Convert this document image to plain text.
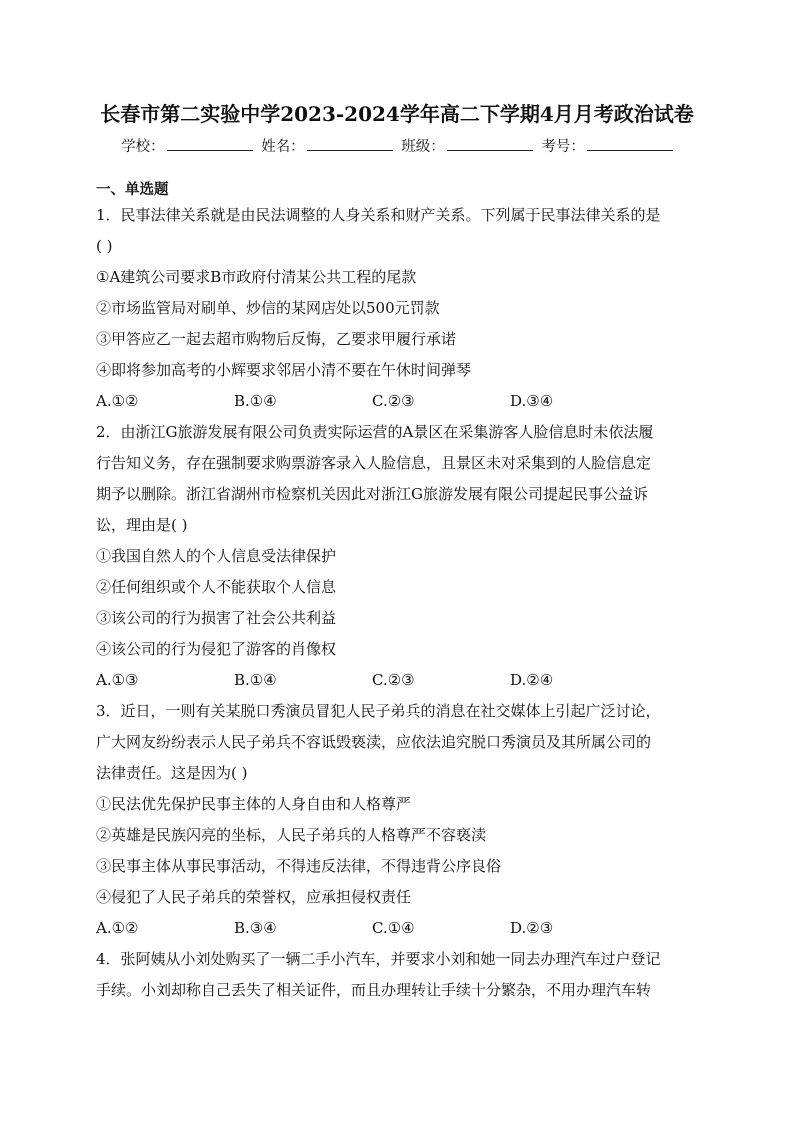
长春市第二实验中学2023-2024学年高二下学期4月月考政治试卷
学校：	姓名：	班级：	考号：
一、单选题
1．民事法律关系就是由民法调整的人身关系和财产关系。下列属于民事法律关系的是
( )
①A建筑公司要求B市政府付清某公共工程的尾款
②市场监管局对刷单、炒信的某网店处以500元罚款
③甲答应乙一起去超市购物后反悔，乙要求甲履行承诺
④即将参加高考的小辉要求邻居小清不要在午休时间弹琴
A.①②	B.①④	C.②③	D.③④
2．由浙江G旅游发展有限公司负责实际运营的A景区在采集游客人脸信息时未依法履
行告知义务，存在强制要求购票游客录入人脸信息，且景区未对采集到的人脸信息定
期予以删除。浙江省湖州市检察机关因此对浙江G旅游发展有限公司提起民事公益诉
讼，理由是( )
①我国自然人的个人信息受法律保护
②任何组织或个人不能获取个人信息
③该公司的行为损害了社会公共利益
④该公司的行为侵犯了游客的肖像权
A.①③	B.①④	C.②③	D.②④
3．近日，一则有关某脱口秀演员冒犯人民子弟兵的消息在社交媒体上引起广泛讨论，
广大网友纷纷表示人民子弟兵不容诋毁亵渎，应依法追究脱口秀演员及其所属公司的
法律责任。这是因为( )
①民法优先保护民事主体的人身自由和人格尊严
②英雄是民族闪亮的坐标，人民子弟兵的人格尊严不容亵渎
③民事主体从事民事活动，不得违反法律，不得违背公序良俗
④侵犯了人民子弟兵的荣誉权，应承担侵权责任
A.①②	B.③④	C.①④	D.②③
4．张阿姨从小刘处购买了一辆二手小汽车，并要求小刘和她一同去办理汽车过户登记
手续。小刘却称自己丢失了相关证件，而且办理转让手续十分繁杂，不用办理汽车转
